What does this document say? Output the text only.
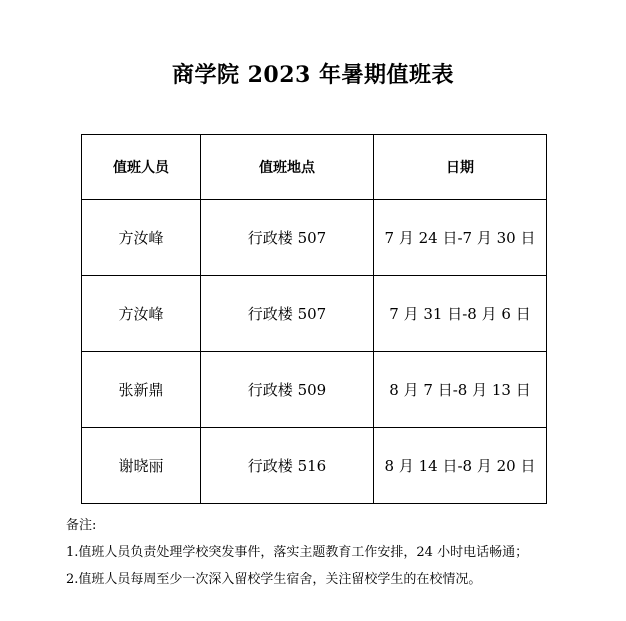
商学院 2023 年暑期值班表
值班人员	值班地点	日期
方汝峰	行政楼 507	7 月 24 日-7 月 30 日
方汝峰	行政楼 507	7 月 31 日-8 月 6 日
张新鼎	行政楼 509	8 月 7 日-8 月 13 日
谢晓丽	行政楼 516	8 月 14 日-8 月 20 日
备注:
1.值班人员负责处理学校突发事件，落实主题教育工作安排，24 小时电话畅通；
2.值班人员每周至少一次深入留校学生宿舍，关注留校学生的在校情况。
